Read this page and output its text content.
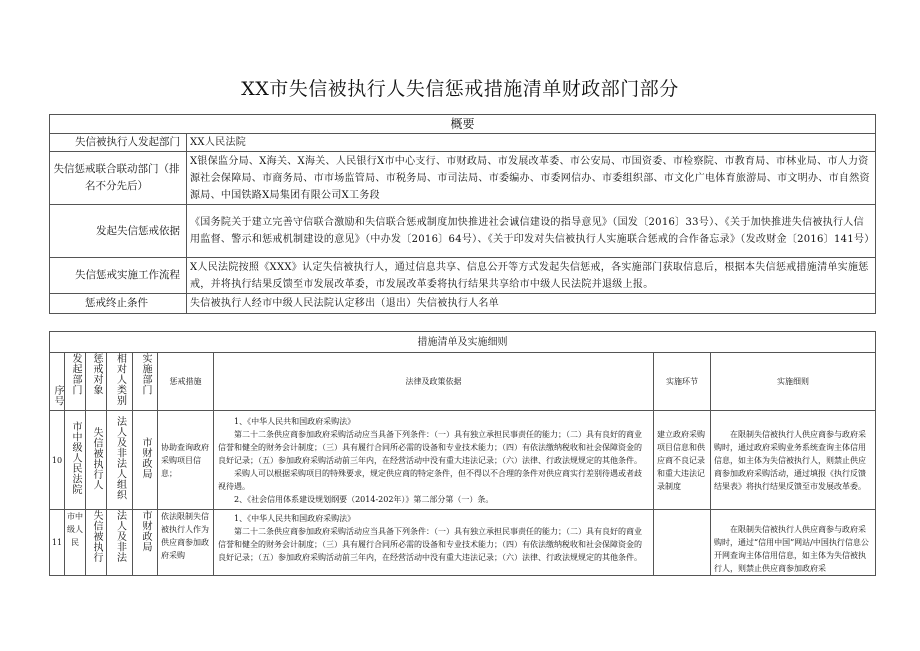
XX市失信被执行人失信惩戒措施清单财政部门部分
概要	
失信被执行人发起部门	XX人民法院
失信惩戒联合联动部门（排名不分先后）	X银保监分局、X海关、X海关、人民银行X市中心支行、市财政局、市发展改革委、市公安局、市国资委、市检察院、市教育局、市林业局、市人力资源社会保障局、市商务局、市市场监管局、市税务局、市司法局、市委编办、市委网信办、市委组织部、市文化广电体育旅游局、市文明办、市自然资源局、中国铁路X局集团有限公司X工务段
发起失信惩戒依据	《国务院关于建立完善守信联合激励和失信联合惩戒制度加快推进社会诚信建设的指导意见》（国发〔2016〕33号）、《关于加快推进失信被执行人信用监督、警示和惩戒机制建设的意见》（中办发〔2016〕64号）、《关于印发对失信被执行人实施联合惩戒的合作备忘录》（发改财金〔2016〕141号）
失信惩戒实施工作流程	X人民法院按照《XXX》认定失信被执行人，通过信息共享、信息公开等方式发起失信惩戒，各实施部门获取信息后，根据本失信惩戒措施清单实施惩戒，并将执行结果反馈至市发展改革委，市发展改革委将执行结果共享给市中级人民法院并退级上报。
惩戒终止条件	失信被执行人经市中级人民法院认定移出（退出）失信被执行人名单
措施清单及实施细则								
序号	发起部门	惩戒对象	相对人类别	实施部门	惩戒措施	法律及政策依据	实施环节	实施细则
10	市中级人民法院	失信被执行人	法人及非法人组织	市财政局	协助查询政府采购项目信息；	1、《中华人民共和国政府采购法》

第二十二条供应商参加政府采购活动应当具备下列条件：（一）具有独立承担民事责任的能力；（二）具有良好的商业信誉和健全的财务会计制度；（三）具有履行合同所必需的设备和专业技术能力；（四）有依法缴纳税收和社会保障资金的良好记录；（五）参加政府采购活动前三年内，在经营活动中没有重大违法记录；（六）法律、行政法规规定的其他条件。

采购人可以根据采购项目的特殊要求，规定供应商的特定条件，但不得以不合理的条件对供应商实行差别待遇或者歧视待遇。

2、《社会信用体系建设规划纲要（2014-202年）》第二部分第（一）条。	建立政府采购项目信息和供应商不良记录和重大违法记录制度	在限制失信被执行人供应商参与政府采购时，通过政府采购业务系统查询主体信用信息，如主体为失信被执行人，则禁止供应商参加政府采购活动，通过填报《执行反馈结果表》将执行结果反馈至市发展改革委。
11	市中级人民	失信被执行	法人及非法	市财政局	依法限制失信被执行人作为供应商参加政府采购	1、《中华人民共和国政府采购法》

第二十二条供应商参加政府采购活动应当具备下列条件：（一）具有独立承担民事责任的能力；（二）具有良好的商业信誉和健全的财务会计制度；（三）具有履行合同所必需的设备和专业技术能力；（四）有依法缴纳税收和社会保障资金的良好记录；（五）参加政府采购活动前三年内，在经营活动中没有重大违法记录；（六）法律、行政法规规定的其他条件。		在限制失信被执行人供应商参与政府采购时，通过“信用中国”网站/中国执行信息公开网查询主体信用信息，如主体为失信被执行人，则禁止供应商参加政府采
